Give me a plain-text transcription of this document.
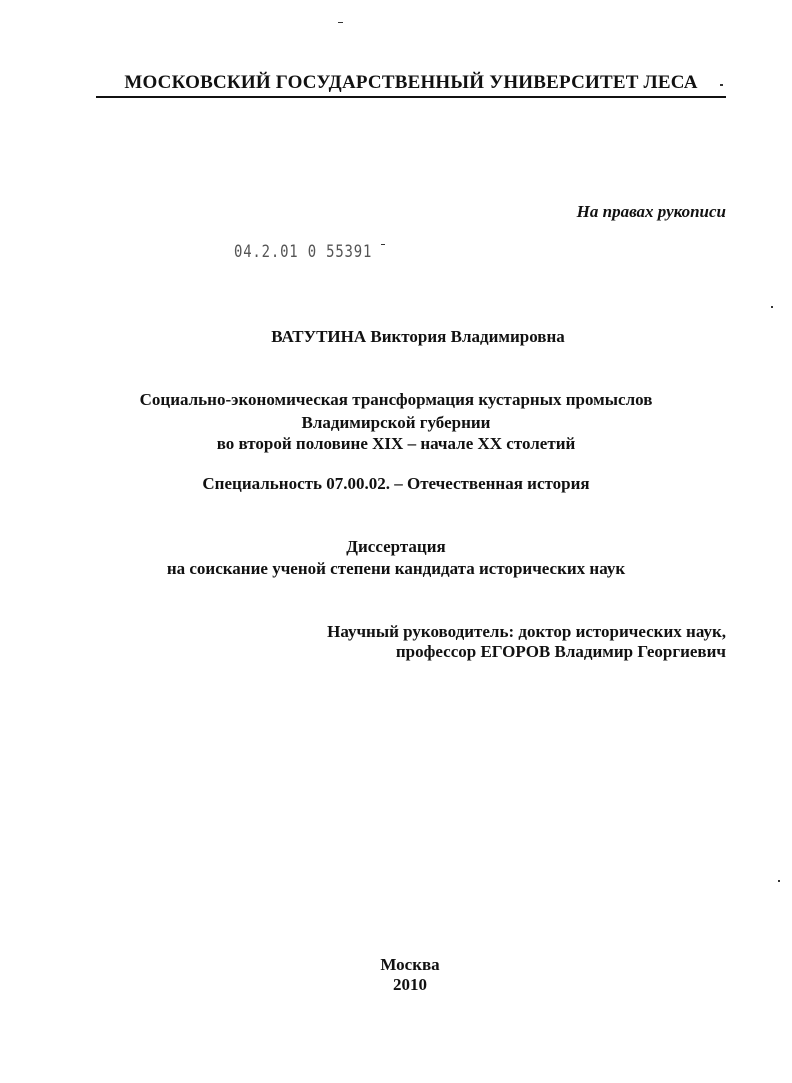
МОСКОВСКИЙ ГОСУДАРСТВЕННЫЙ УНИВЕРСИТЕТ ЛЕСА
На правах рукописи
04.2.01 0 55391
ВАТУТИНА Виктория Владимировна
Социально-экономическая трансформация кустарных промыслов
Владимирской губернии
во второй половине XIX – начале XX столетий
Специальность 07.00.02. – Отечественная история
Диссертация
на соискание ученой степени кандидата исторических наук
Научный руководитель: доктор исторических наук,
профессор ЕГОРОВ Владимир Георгиевич
Москва
2010
